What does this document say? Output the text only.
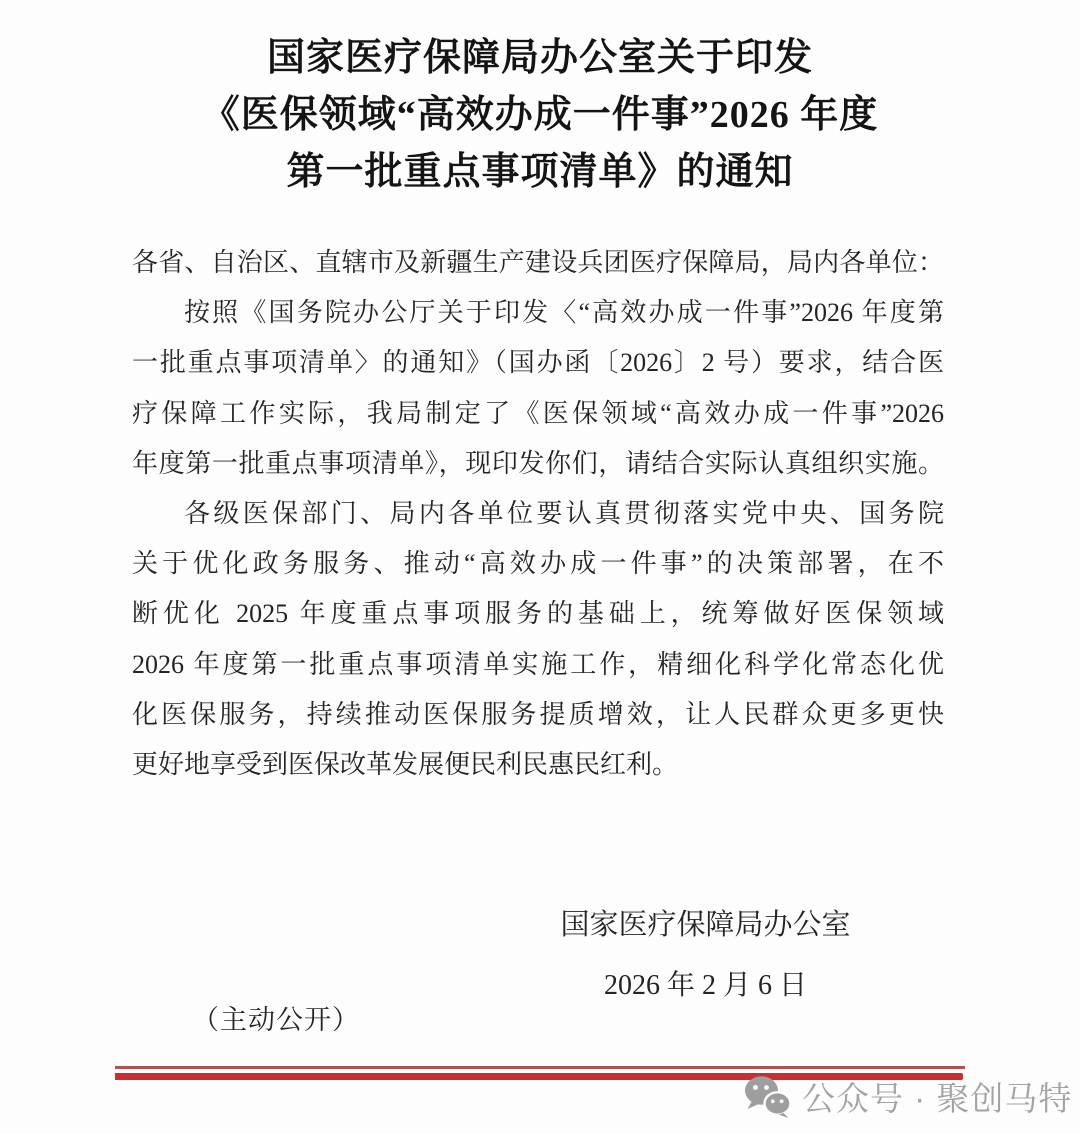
国家医疗保障局办公室关于印发
《医保领域“高效办成一件事”2026 年度
第一批重点事项清单》的通知
各省、自治区、直辖市及新疆生产建设兵团医疗保障局，局内各单位：
按照《国务院办公厅关于印发〈“高效办成一件事”2026 年度第
一批重点事项清单〉的通知》（国办函〔2026〕2 号）要求，结合医
疗保障工作实际，我局制定了《医保领域“高效办成一件事”2026
年度第一批重点事项清单》，现印发你们，请结合实际认真组织实施。
各级医保部门、局内各单位要认真贯彻落实党中央、国务院
关于优化政务服务、推动“高效办成一件事”的决策部署，在不
断优化 2025 年度重点事项服务的基础上，统筹做好医保领域
2026 年度第一批重点事项清单实施工作，精细化科学化常态化优
化医保服务，持续推动医保服务提质增效，让人民群众更多更快
更好地享受到医保改革发展便民利民惠民红利。
国家医疗保障局办公室
2026 年 2 月 6 日
（主动公开）
公众号 · 聚创马特
